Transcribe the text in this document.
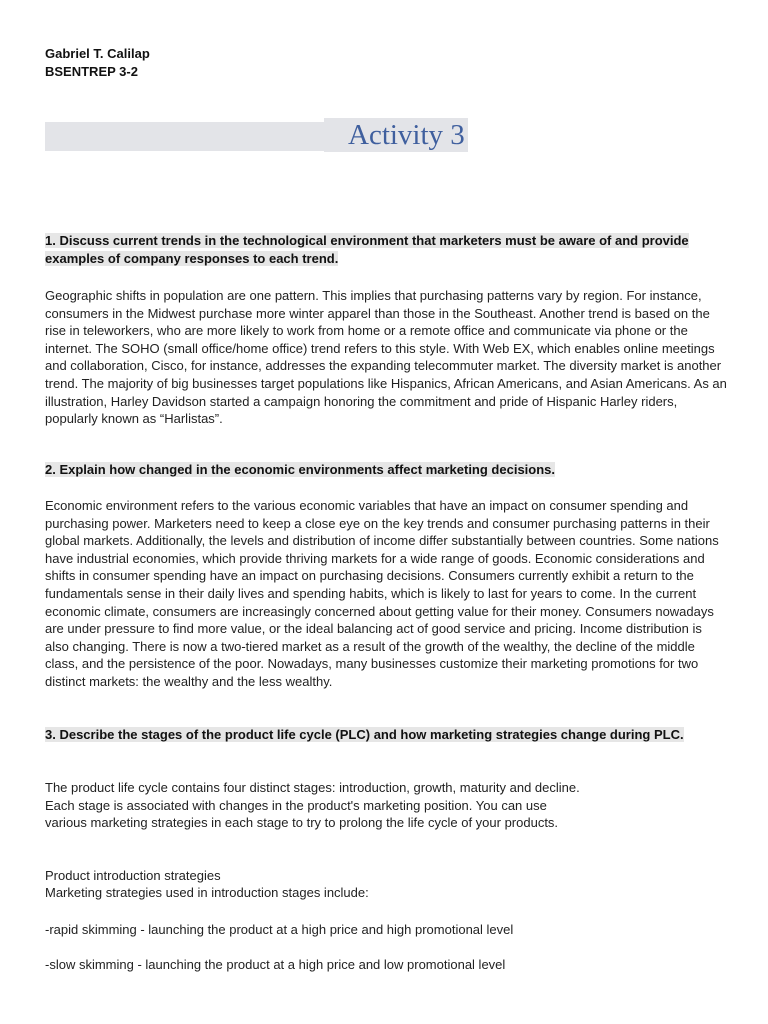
Gabriel T. Calilap
BSENTREP 3-2
Activity 3
1. Discuss current trends in the technological environment that marketers must be aware of and provide examples of company responses to each trend.
Geographic shifts in population are one pattern. This implies that purchasing patterns vary by region. For instance, consumers in the Midwest purchase more winter apparel than those in the Southeast. Another trend is based on the rise in teleworkers, who are more likely to work from home or a remote office and communicate via phone or the internet. The SOHO (small office/home office) trend refers to this style. With Web EX, which enables online meetings and collaboration, Cisco, for instance, addresses the expanding telecommuter market. The diversity market is another trend. The majority of big businesses target populations like Hispanics, African Americans, and Asian Americans. As an illustration, Harley Davidson started a campaign honoring the commitment and pride of Hispanic Harley riders, popularly known as “Harlistas”.
2. Explain how changed in the economic environments affect marketing decisions.
Economic environment refers to the various economic variables that have an impact on consumer spending and purchasing power. Marketers need to keep a close eye on the key trends and consumer purchasing patterns in their global markets. Additionally, the levels and distribution of income differ substantially between countries. Some nations have industrial economies, which provide thriving markets for a wide range of goods. Economic considerations and shifts in consumer spending have an impact on purchasing decisions. Consumers currently exhibit a return to the fundamentals sense in their daily lives and spending habits, which is likely to last for years to come. In the current economic climate, consumers are increasingly concerned about getting value for their money. Consumers nowadays are under pressure to find more value, or the ideal balancing act of good service and pricing. Income distribution is also changing. There is now a two-tiered market as a result of the growth of the wealthy, the decline of the middle class, and the persistence of the poor. Nowadays, many businesses customize their marketing promotions for two distinct markets: the wealthy and the less wealthy.
3. Describe the stages of the product life cycle (PLC) and how marketing strategies change during PLC.
The product life cycle contains four distinct stages: introduction, growth, maturity and decline. Each stage is associated with changes in the product's marketing position. You can use various marketing strategies in each stage to try to prolong the life cycle of your products.
Product introduction strategies
Marketing strategies used in introduction stages include:
-rapid skimming - launching the product at a high price and high promotional level
-slow skimming - launching the product at a high price and low promotional level
